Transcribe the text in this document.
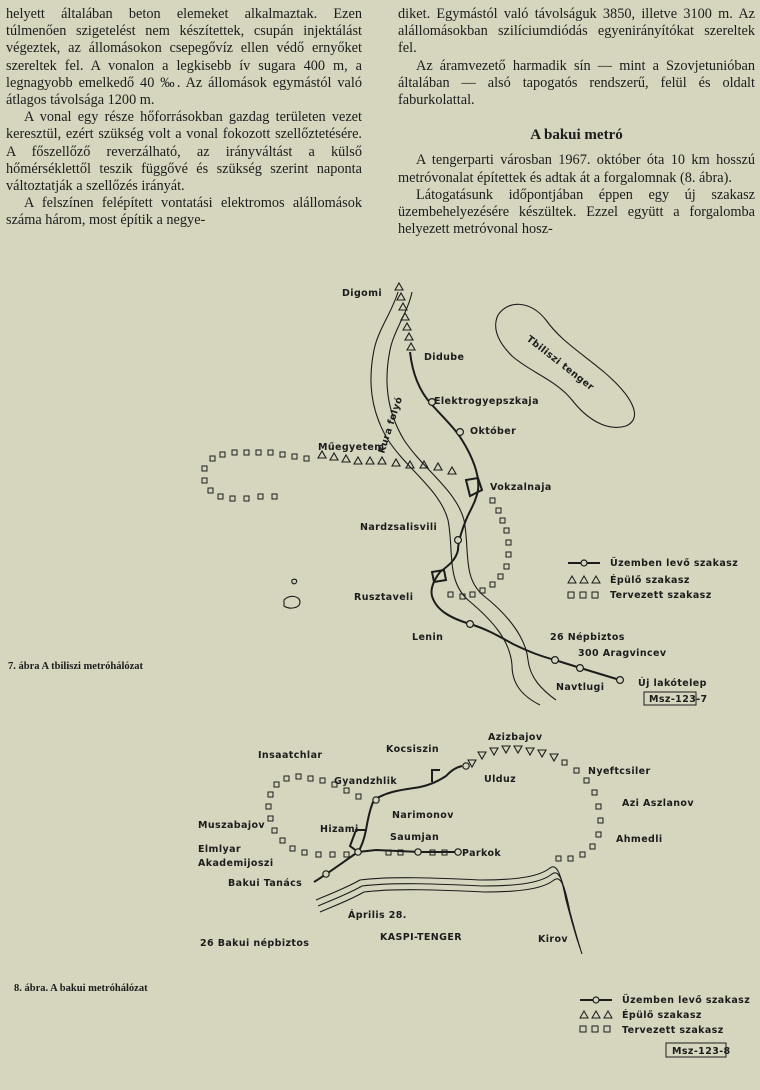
helyett általában beton elemeket alkalmaztak. Ezen túlmenően szigetelést nem készítettek, csupán injektálást végeztek, az állomásokon csepegővíz ellen védő ernyőket szereltek fel. A vonalon a legkisebb ív sugara 400 m, a legnagyobb emelkedő 40 ‰. Az állomások egymástól való átlagos távolsága 1200 m.

A vonal egy része hőforrásokban gazdag területen vezet keresztül, ezért szükség volt a vonal fokozott szellőztetésére. A főszellőző reverzálható, az irányváltást a külső hőmérséklettől teszik függővé és szükség szerint naponta változtatják a szellőzés irányát.

A felszínen felépített vontatási elektromos alállomások száma három, most építik a negye-

diket. Egymástól való távolságuk 3850, illetve 3100 m. Az alállomásokban szilíciumdiódás egyenirányítókat szereltek fel.

Az áramvezető harmadik sín — mint a Szovjetunióban általában — alsó tapogatós rendszerű, felül és oldalt faburkolattal.

A bakui metró

A tengerparti városban 1967. október óta 10 km hosszú metróvonalat építettek és adtak át a forgalomnak (8. ábra).

Látogatásunk időpontjában éppen egy új szakasz üzembehelyezésére készültek. Ezzel együtt a forgalomba helyezett metróvonal hosz-

Digomi
Didube
Elektrogyepszkaja
Október
Műegyetem
Vokzalnaja
Nardzsalisvili
Rusztaveli
Lenin	26 Népbiztos
300 Aragvincev
Navtlugi	Új lakótelep
Kura folyó
Tbiliszi tenger
Üzemben levő szakasz
Épülő szakasz
Tervezett szakasz
7. ábra A tbiliszi metróhálózat
Msz-123-7
Insaatchlar
Kocsiszin
Azizbajov
Gyandzhlik	Ulduz
Nyeftcsiler
Narimonov
Azi Aszlanov
Muszabajov	Hizami
Saumjan
Parkok
Ahmedli
Elmlyar
Akademijoszi
Bakui Tanács
Április 28.
26 Bakui népbiztos	Kirov
KASPI-TENGER
Üzemben levő szakasz
Épülő szakasz
Tervezett szakasz
8. ábra. A bakui metróhálózat
Msz-123-8
